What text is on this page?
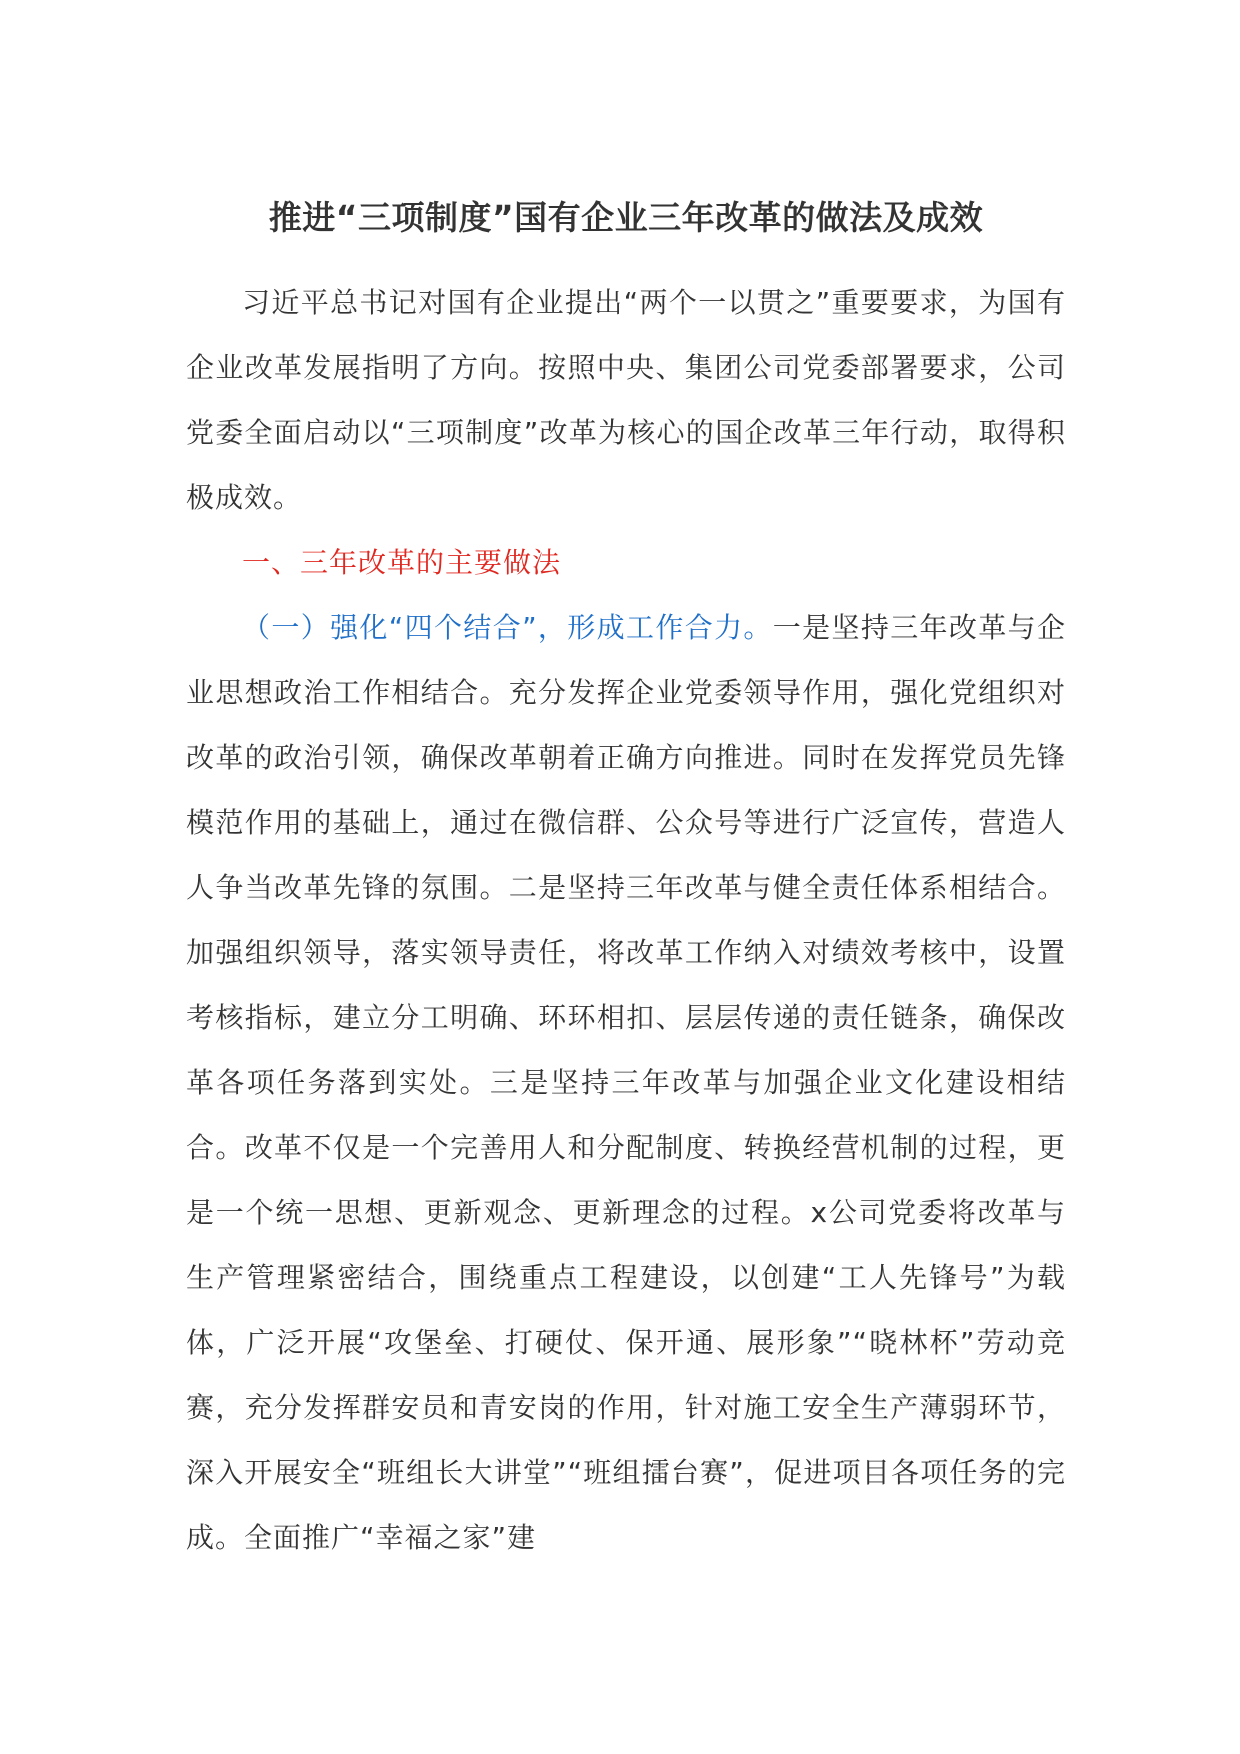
推进“三项制度”国有企业三年改革的做法及成效

习近平总书记对国有企业提出“两个一以贯之”重要要求，为国有企业改革发展指明了方向。按照中央、集团公司党委部署要求，公司党委全面启动以“三项制度”改革为核心的国企改革三年行动，取得积极成效。

一、三年改革的主要做法

（一）强化“四个结合”，形成工作合力。一是坚持三年改革与企业思想政治工作相结合。充分发挥企业党委领导作用，强化党组织对改革的政治引领，确保改革朝着正确方向推进。同时在发挥党员先锋模范作用的基础上，通过在微信群、公众号等进行广泛宣传，营造人人争当改革先锋的氛围。二是坚持三年改革与健全责任体系相结合。加强组织领导，落实领导责任，将改革工作纳入对绩效考核中，设置考核指标，建立分工明确、环环相扣、层层传递的责任链条，确保改革各项任务落到实处。三是坚持三年改革与加强企业文化建设相结合。改革不仅是一个完善用人和分配制度、转换经营机制的过程，更是一个统一思想、更新观念、更新理念的过程。x公司党委将改革与生产管理紧密结合，围绕重点工程建设，以创建“工人先锋号”为载体，广泛开展“攻堡垒、打硬仗、保开通、展形象”“晓林杯”劳动竞赛，充分发挥群安员和青安岗的作用，针对施工安全生产薄弱环节，深入开展安全“班组长大讲堂”“班组擂台赛”，促进项目各项任务的完成。全面推广“幸福之家”建
